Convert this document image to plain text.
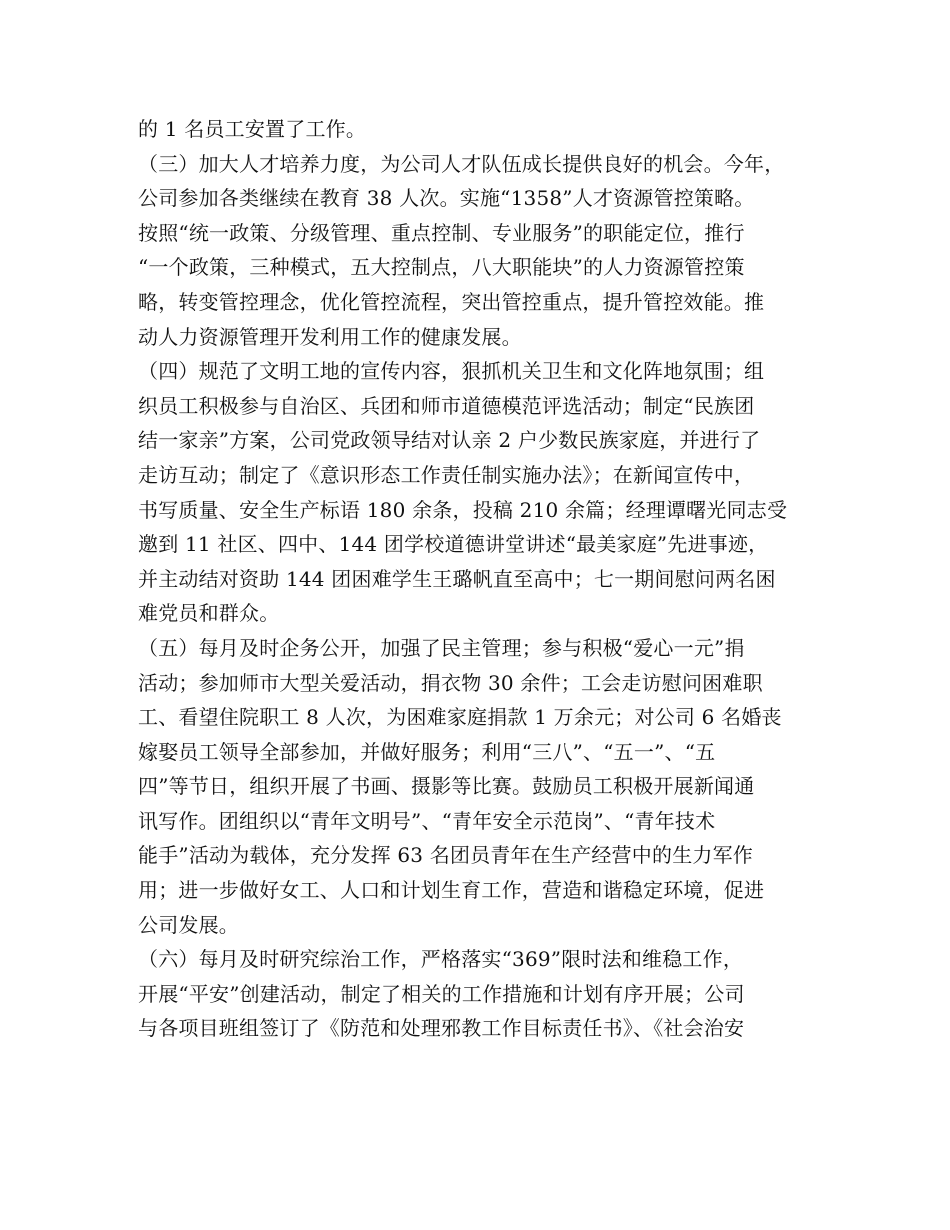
的 1 名员工安置了工作。
（三）加大人才培养力度，为公司人才队伍成长提供良好的机会。今年，
公司参加各类继续在教育 38 人次。实施“1358”人才资源管控策略。
按照“统一政策、分级管理、重点控制、专业服务”的职能定位，推行
“一个政策，三种模式，五大控制点，八大职能块”的人力资源管控策
略，转变管控理念，优化管控流程，突出管控重点，提升管控效能。推
动人力资源管理开发利用工作的健康发展。
（四）规范了文明工地的宣传内容，狠抓机关卫生和文化阵地氛围；组
织员工积极参与自治区、兵团和师市道德模范评选活动；制定“民族团
结一家亲”方案，公司党政领导结对认亲 2 户少数民族家庭，并进行了
走访互动；制定了《意识形态工作责任制实施办法》；在新闻宣传中，
书写质量、安全生产标语 180 余条，投稿 210 余篇；经理谭曙光同志受
邀到 11 社区、四中、144 团学校道德讲堂讲述“最美家庭”先进事迹，
并主动结对资助 144 团困难学生王璐帆直至高中；七一期间慰问两名困
难党员和群众。
（五）每月及时企务公开，加强了民主管理；参与积极“爱心一元”捐
活动；参加师市大型关爱活动，捐衣物 30 余件；工会走访慰问困难职
工、看望住院职工 8 人次，为困难家庭捐款 1 万余元；对公司 6 名婚丧
嫁娶员工领导全部参加，并做好服务；利用“三八”、“五一”、“五
四”等节日，组织开展了书画、摄影等比赛。鼓励员工积极开展新闻通
讯写作。团组织以“青年文明号”、“青年安全示范岗”、“青年技术
能手”活动为载体，充分发挥 63 名团员青年在生产经营中的生力军作
用；进一步做好女工、人口和计划生育工作，营造和谐稳定环境，促进
公司发展。
（六）每月及时研究综治工作，严格落实“369”限时法和维稳工作，
开展“平安”创建活动，制定了相关的工作措施和计划有序开展；公司
与各项目班组签订了《防范和处理邪教工作目标责任书》、《社会治安
